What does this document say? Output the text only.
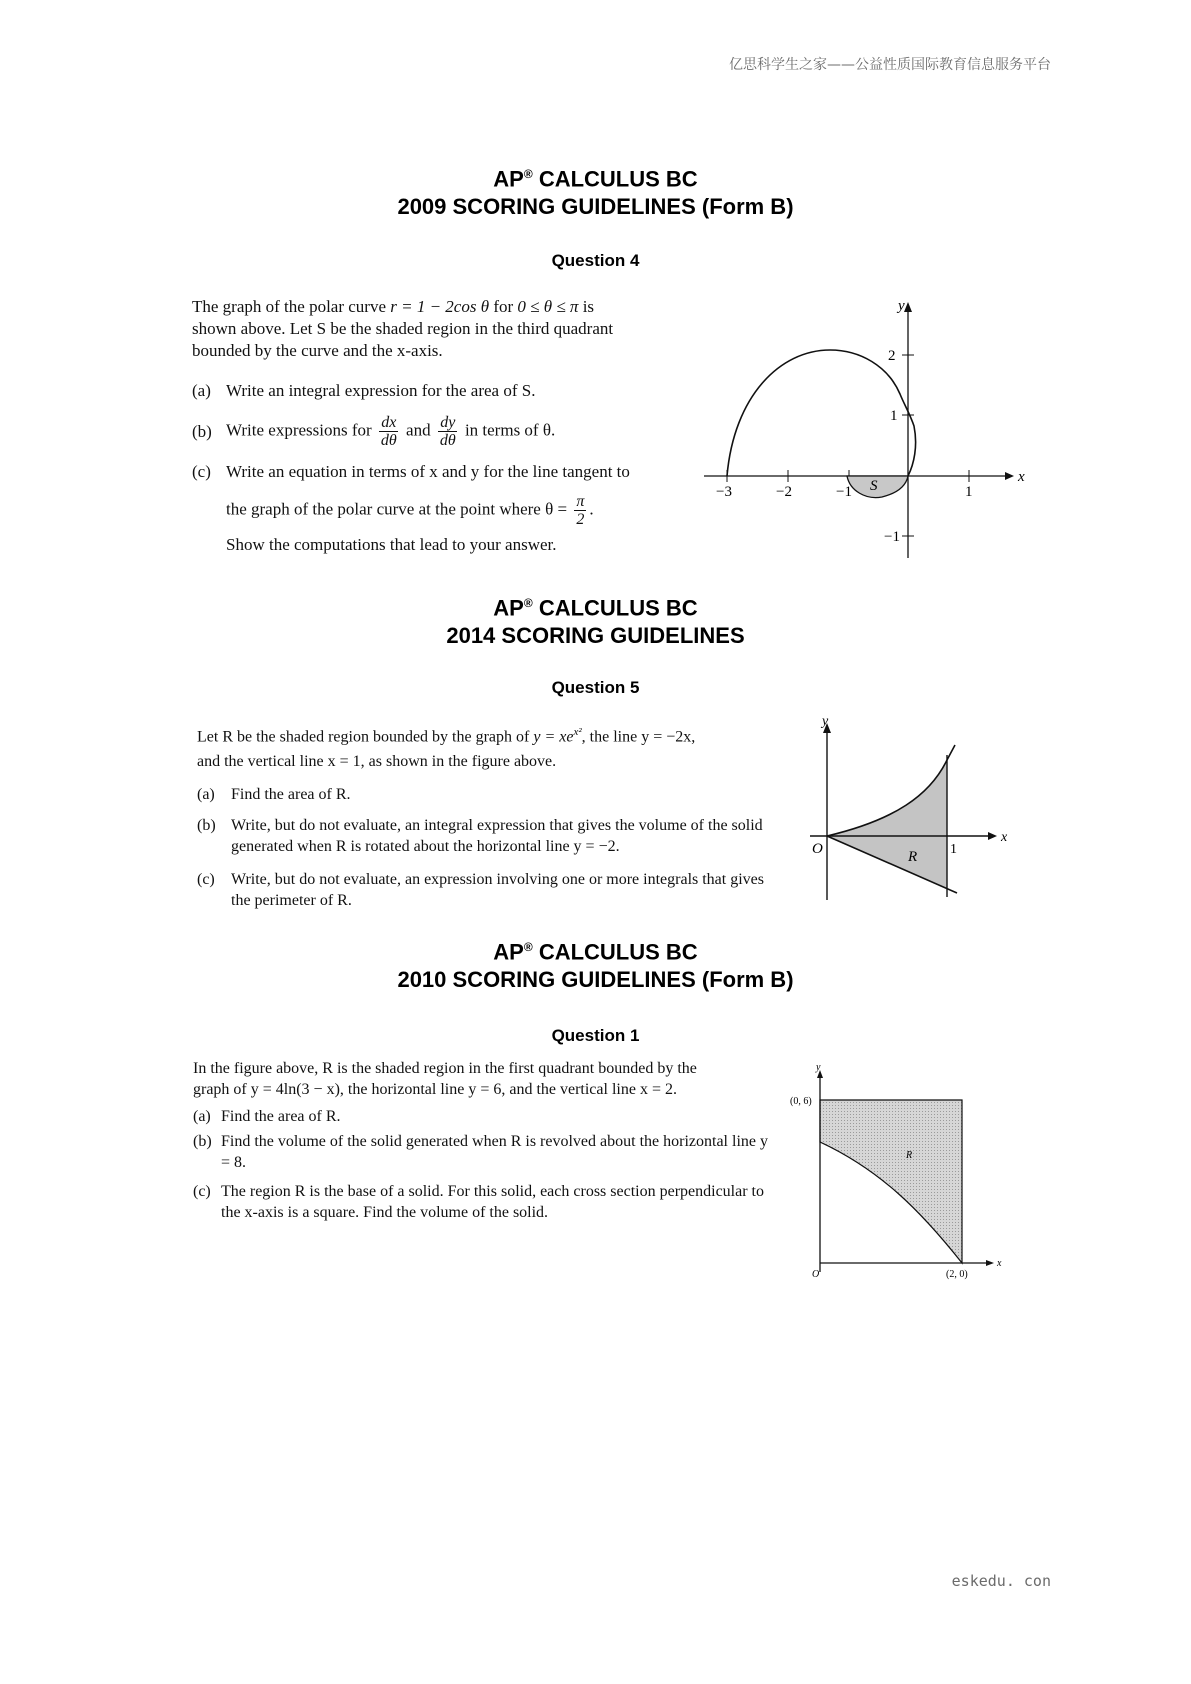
亿思科学生之家——公益性质国际教育信息服务平台
eskedu. con
AP® CALCULUS BC
2009 SCORING GUIDELINES (Form B)
Question 4

The graph of the polar curve r = 1 − 2cos θ for 0 ≤ θ ≤ π is

shown above. Let S be the shaded region in the third quadrant

bounded by the curve and the x-axis.

(a) Write an integral expression for the area of S.
(b) Write expressions for $\frac{dx}{d\theta}$ and $\frac{dy}{d\theta}$ in terms of θ.
(c) Write an equation in terms of x and y for the line tangent to
the graph of the polar curve at the point where $\theta = \frac{\pi}{2}$ .
Show the computations that lead to your answer.
y
x
−3	−2	−1	1
2
1
−1
S
AP® CALCULUS BC
2014 SCORING GUIDELINES
Question 5

Let R be the shaded region bounded by the graph of $y = xe^{x^2}$, the line y = −2x,

and the vertical line x = 1, as shown in the figure above.

(a)	Find the area of R.
(b) Write, but do not evaluate, an integral expression that gives the volume of the solid generated when R is rotated about the horizontal line y = −2.
(c)	Write, but do not evaluate, an expression involving one or more integrals that gives the perimeter of R.
y
x
O	1
R
AP® CALCULUS BC
2010 SCORING GUIDELINES (Form B)
Question 1

In the figure above, R is the shaded region in the first quadrant bounded by the

graph of y = 4ln(3 − x), the horizontal line y = 6, and the vertical line x = 2.

(a) Find the area of R.
(b) Find the volume of the solid generated when R is revolved about the horizontal line y = 8.
(c) The region R is the base of a solid. For this solid, each cross section perpendicular to the x-axis is a square. Find the volume of the solid.
y
x
O
(0, 6)
(2, 0)
R
